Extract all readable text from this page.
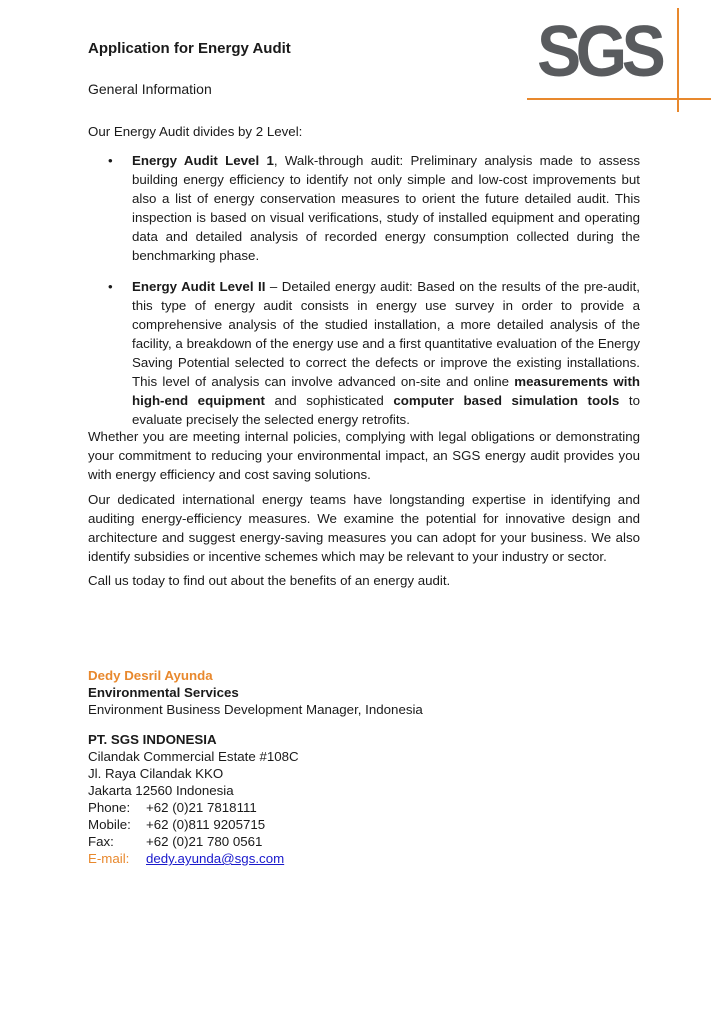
SGS
Application for Energy Audit

General Information

Our Energy Audit divides by 2 Level:

• Energy Audit Level 1, Walk-through audit: Preliminary analysis made to assess building energy efficiency to identify not only simple and low-cost improvements but also a list of energy conservation measures to orient the future detailed audit. This inspection is based on visual verifications, study of installed equipment and operating data and detailed analysis of recorded energy consumption collected during the benchmarking phase.
• Energy Audit Level II – Detailed energy audit: Based on the results of the pre-audit, this type of energy audit consists in energy use survey in order to provide a comprehensive analysis of the studied installation, a more detailed analysis of the facility, a breakdown of the energy use and a first quantitative evaluation of the Energy Saving Potential selected to correct the defects or improve the existing installations. This level of analysis can involve advanced on-site and online measurements with high-end equipment and sophisticated computer based simulation tools to evaluate precisely the selected energy retrofits.

Whether you are meeting internal policies, complying with legal obligations or demonstrating your commitment to reducing your environmental impact, an SGS energy audit provides you with energy efficiency and cost saving solutions.

Our dedicated international energy teams have longstanding expertise in identifying and auditing energy-efficiency measures. We examine the potential for innovative design and architecture and suggest energy-saving measures you can adopt for your business. We also identify subsidies or incentive schemes which may be relevant to your industry or sector.

Call us today to find out about the benefits of an energy audit.

Dedy Desril Ayunda
Environmental Services
Environment Business Development Manager, Indonesia
PT. SGS INDONESIA
Cilandak Commercial Estate #108C
Jl. Raya Cilandak KKO
Jakarta 12560 Indonesia
Phone: +62 (0)21 7818111
Mobile: +62 (0)811 9205715
Fax: +62 (0)21 780 0561
E-mail: dedy.ayunda@sgs.com
